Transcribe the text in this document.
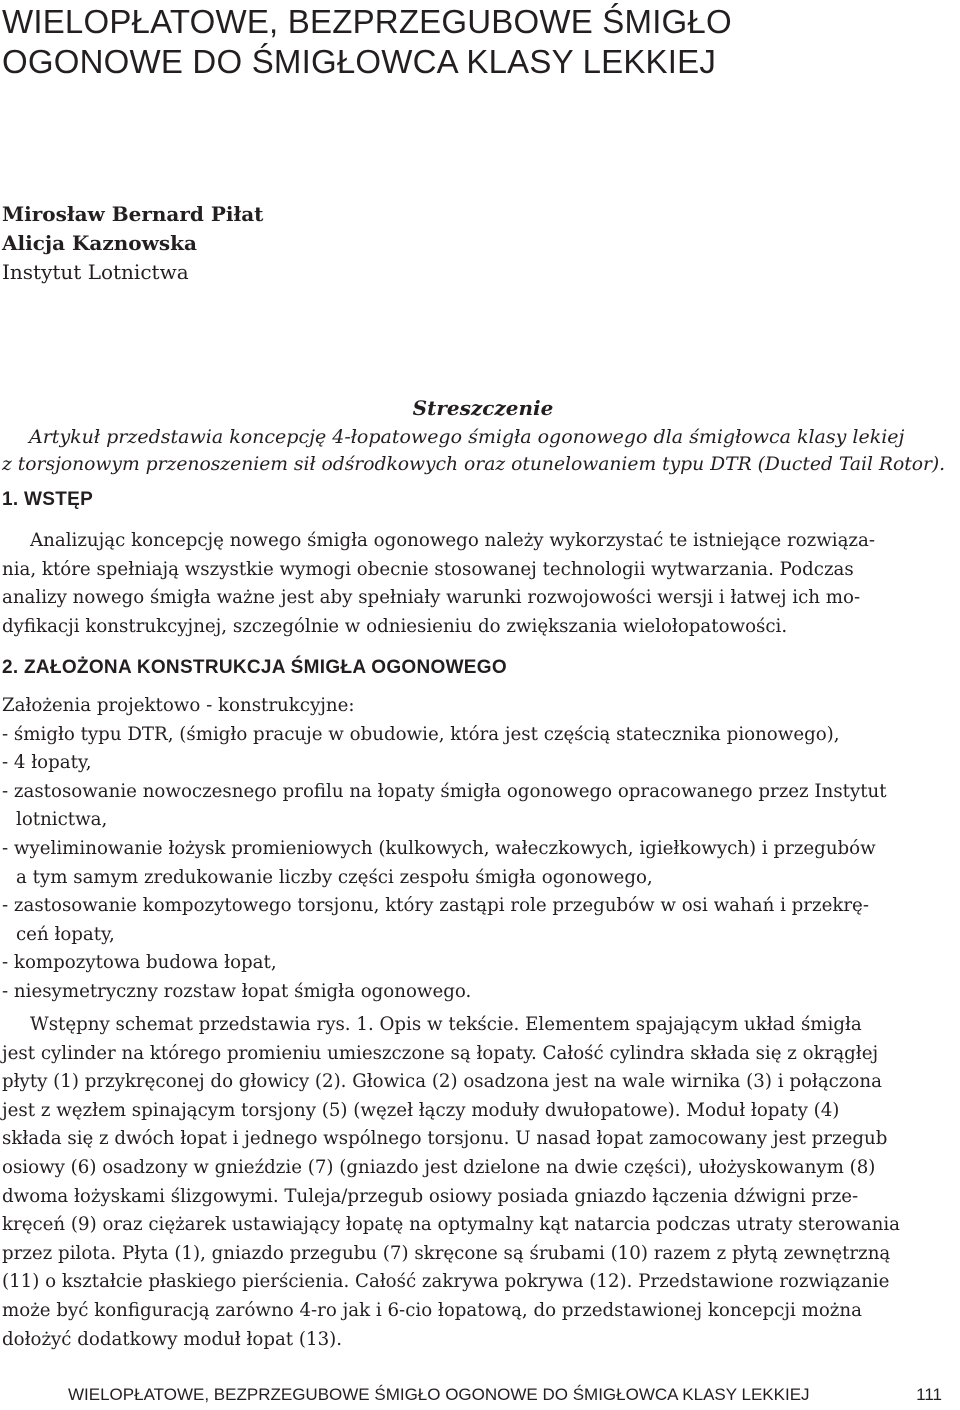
WIELOPŁATOWE, BEZPRZEGUBOWE ŚMIGŁO
OGONOWE DO ŚMIGŁOWCA KLASY LEKKIEJ
Mirosław Bernard Piłat
Alicja Kaznowska
Instytut Lotnictwa
Streszczenie
Artykuł przedstawia koncepcję 4-łopatowego śmigła ogonowego dla śmigłowca klasy lekiej
z torsjonowym przenoszeniem sił odśrodkowych oraz otunelowaniem typu DTR (Ducted Tail Rotor).
1. WSTĘP
Analizując koncepcję nowego śmigła ogonowego należy wykorzystać te istniejące rozwiąza-
nia, które spełniają wszystkie wymogi obecnie stosowanej technologii wytwarzania. Podczas
analizy nowego śmigła ważne jest aby spełniały warunki rozwojowości wersji i łatwej ich mo-
dyfikacji konstrukcyjnej, szczególnie w odniesieniu do zwiększania wielołopatowości.
2. ZAŁOŻONA KONSTRUKCJA ŚMIGŁA OGONOWEGO
Założenia projektowo - konstrukcyjne:
- śmigło typu DTR, (śmigło pracuje w obudowie, która jest częścią statecznika pionowego),
- 4 łopaty,
- zastosowanie nowoczesnego profilu na łopaty śmigła ogonowego opracowanego przez Instytut
lotnictwa,
- wyeliminowanie łożysk promieniowych (kulkowych, wałeczkowych, igiełkowych) i przegubów
a tym samym zredukowanie liczby części zespołu śmigła ogonowego,
- zastosowanie kompozytowego torsjonu, który zastąpi role przegubów w osi wahań i przekrę-
ceń łopaty,
- kompozytowa budowa łopat,
- niesymetryczny rozstaw łopat śmigła ogonowego.
Wstępny schemat przedstawia rys. 1. Opis w tekście. Elementem spajającym układ śmigła
jest cylinder na którego promieniu umieszczone są łopaty. Całość cylindra składa się z okrągłej
płyty (1) przykręconej do głowicy (2). Głowica (2) osadzona jest na wale wirnika (3) i połączona
jest z węzłem spinającym torsjony (5) (węzeł łączy moduły dwułopatowe). Moduł łopaty (4)
składa się z dwóch łopat i jednego wspólnego torsjonu. U nasad łopat zamocowany jest przegub
osiowy (6) osadzony w gnieździe (7) (gniazdo jest dzielone na dwie części), ułożyskowanym (8)
dwoma łożyskami ślizgowymi. Tuleja/przegub osiowy posiada gniazdo łączenia dźwigni prze-
kręceń (9) oraz ciężarek ustawiający łopatę na optymalny kąt natarcia podczas utraty sterowania
przez pilota. Płyta (1), gniazdo przegubu (7) skręcone są śrubami (10) razem z płytą zewnętrzną
(11) o kształcie płaskiego pierścienia. Całość zakrywa pokrywa (12). Przedstawione rozwiązanie
może być konfiguracją zarówno 4-ro jak i 6-cio łopatową, do przedstawionej koncepcji można
dołożyć dodatkowy moduł łopat (13).
WIELOPŁATOWE, BEZPRZEGUBOWE ŚMIGŁO OGONOWE DO ŚMIGŁOWCA KLASY LEKKIEJ	111
